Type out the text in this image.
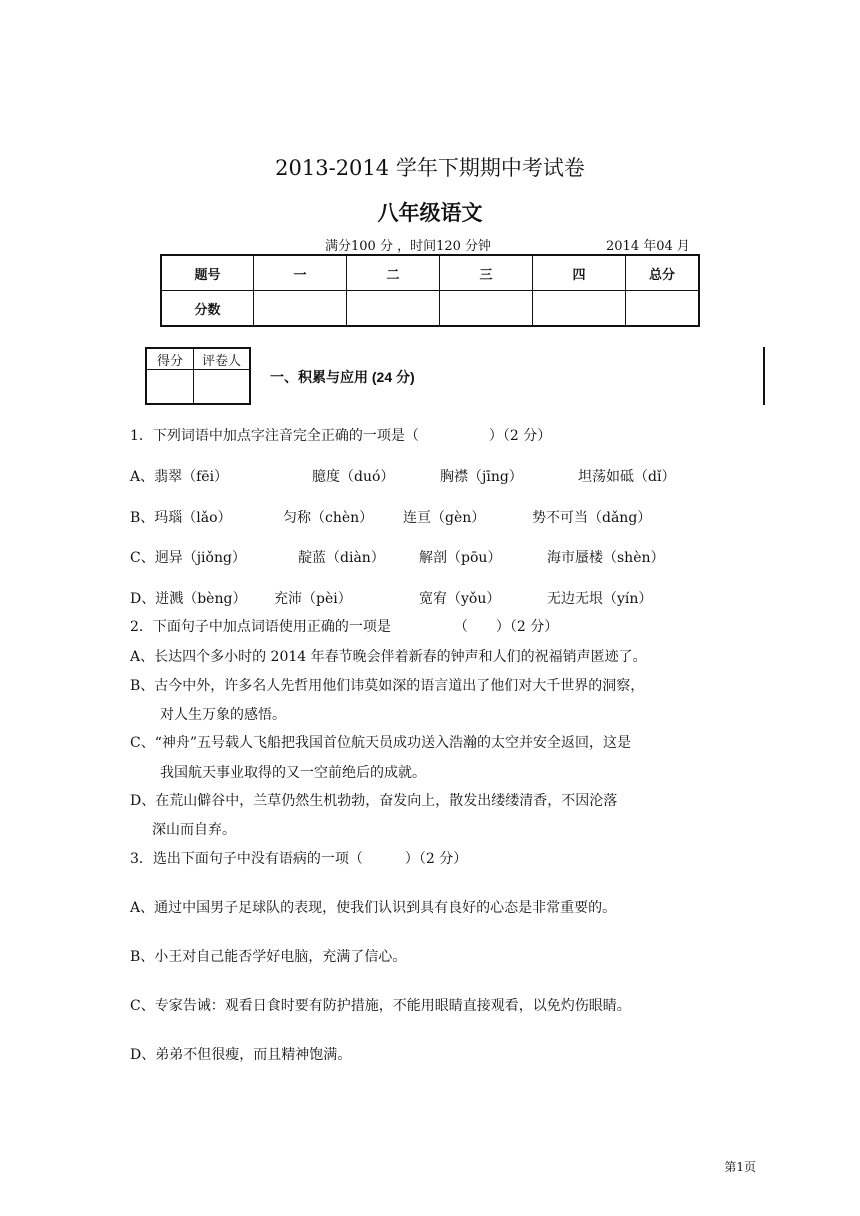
2013-2014 学年下期期中考试卷
八年级语文
满分100 分 ，时间120 分钟	2014 年04 月
题号	一	二	三	四	总分
分数					
得分	评卷人

一、积累与应用 (24 分)
1．下列词语中加点字注音完全正确的一项是（　　　　　）（2 分）
A、翡翠（fēi）	臆度（duó）	胸襟（jīng）	坦荡如砥（dǐ）
B、玛瑙（lǎo）	匀称（chèn） 连亘（gèn）	势不可当（dǎng）
C、迥异（jiǒng）	靛蓝（diàn） 解剖（pōu）	海市蜃楼（shèn）
D、迸溅（bèng） 充沛（pèi）	宽宥（yǒu）	无边无垠（yín）
2．下面句子中加点词语使用正确的一项是　　　　　（　　）（2 分）
A、长达四个多小时的 2014 年春节晚会伴着新春的钟声和人们的祝福销声匿迹了。
B、古今中外，许多名人先哲用他们讳莫如深的语言道出了他们对大千世界的洞察，
对人生万象的感悟。
C、“神舟”五号载人飞船把我国首位航天员成功送入浩瀚的太空并安全返回，这是
我国航天事业取得的又一空前绝后的成就。
D、在荒山僻谷中，兰草仍然生机勃勃，奋发向上，散发出缕缕清香，不因沦落
深山而自弃。
3．选出下面句子中没有语病的一项（　　　）（2 分）
A、通过中国男子足球队的表现，使我们认识到具有良好的心态是非常重要的。
B、小王对自己能否学好电脑，充满了信心。
C、专家告诫：观看日食时要有防护措施，不能用眼睛直接观看，以免灼伤眼睛。
D、弟弟不但很瘦，而且精神饱满。
第1页
